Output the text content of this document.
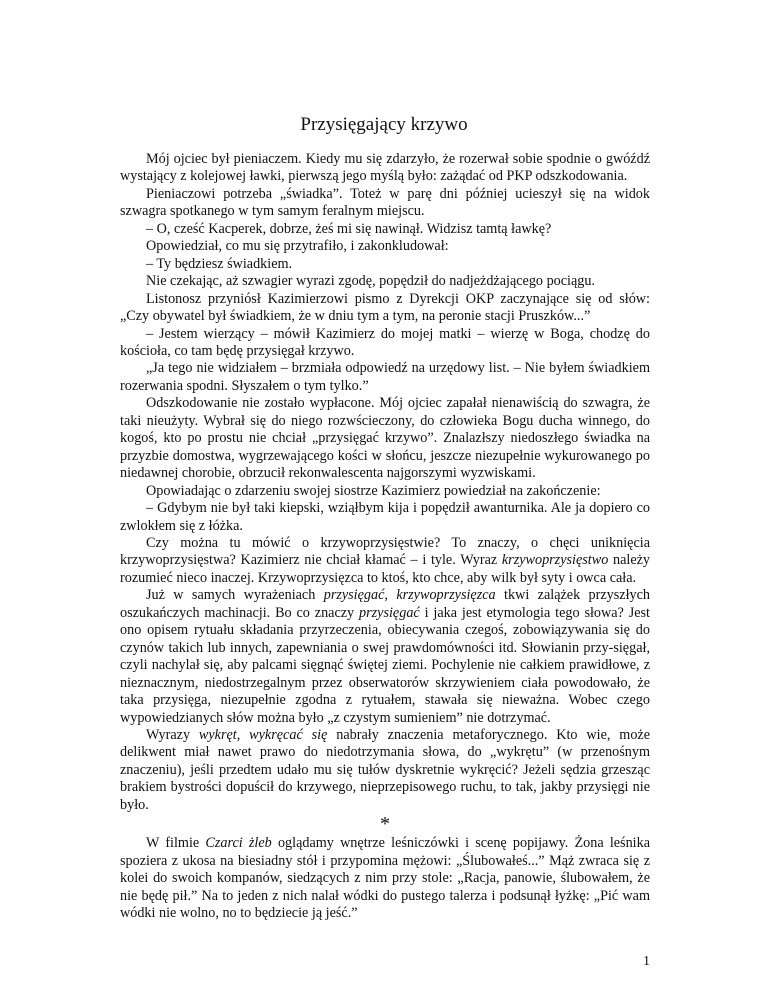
Przysięgający krzywo

Mój ojciec był pieniaczem. Kiedy mu się zdarzyło, że rozerwał sobie spodnie o gwóźdź wystający z kolejowej ławki, pierwszą jego myślą było: zażądać od PKP odszkodowania.

Pieniaczowi potrzeba „świadka”. Toteż w parę dni później ucieszył się na widok szwagra spotkanego w tym samym feralnym miejscu.

– O, cześć Kacperek, dobrze, żeś mi się nawinął. Widzisz tamtą ławkę?

Opowiedział, co mu się przytrafiło, i zakonkludował:

– Ty będziesz świadkiem.

Nie czekając, aż szwagier wyrazi zgodę, popędził do nadjeżdżającego pociągu.

Listonosz przyniósł Kazimierzowi pismo z Dyrekcji OKP zaczynające się od słów: „Czy obywatel był świadkiem, że w dniu tym a tym, na peronie stacji Pruszków...”

– Jestem wierzący – mówił Kazimierz do mojej matki – wierzę w Boga, chodzę do kościoła, co tam będę przysięgał krzywo.

„Ja tego nie widziałem – brzmiała odpowiedź na urzędowy list. – Nie byłem świadkiem rozerwania spodni. Słyszałem o tym tylko.”

Odszkodowanie nie zostało wypłacone. Mój ojciec zapałał nienawiścią do szwagra, że taki nieużyty. Wybrał się do niego rozwścieczony, do człowieka Bogu ducha winnego, do kogoś, kto po prostu nie chciał „przysięgać krzywo”. Znalazłszy niedoszłego świadka na przyzbie domostwa, wygrzewającego kości w słońcu, jeszcze niezupełnie wykurowanego po niedawnej chorobie, obrzucił rekonwalescenta najgorszymi wyzwiskami.

Opowiadając o zdarzeniu swojej siostrze Kazimierz powiedział na zakończenie:

– Gdybym nie był taki kiepski, wziąłbym kija i popędził awanturnika. Ale ja dopiero co zwlokłem się z łóżka.

Czy można tu mówić o krzywoprzysięstwie? To znaczy, o chęci uniknięcia krzywoprzysięstwa? Kazimierz nie chciał kłamać – i tyle. Wyraz krzywoprzysięstwo należy rozumieć nieco inaczej. Krzywoprzysięzca to ktoś, kto chce, aby wilk był syty i owca cała.

Już w samych wyrażeniach przysięgać, krzywoprzysięzca tkwi zalążek przyszłych oszukańczych machinacji. Bo co znaczy przysięgać i jaka jest etymologia tego słowa? Jest ono opisem rytuału składania przyrzeczenia, obiecywania czegoś, zobowiązywania się do czynów takich lub innych, zapewniania o swej prawdomówności itd. Słowianin przy-sięgał, czyli nachylał się, aby palcami sięgnąć świętej ziemi. Pochylenie nie całkiem prawidłowe, z nieznacznym, niedostrzegalnym przez obserwatorów skrzywieniem ciała powodowało, że taka przysięga, niezupełnie zgodna z rytuałem, stawała się nieważna. Wobec czego wypowiedzianych słów można było „z czystym sumieniem” nie dotrzymać.

Wyrazy wykręt, wykręcać się nabrały znaczenia metaforycznego. Kto wie, może delikwent miał nawet prawo do niedotrzymania słowa, do „wykrętu” (w przenośnym znaczeniu), jeśli przedtem udało mu się tułów dyskretnie wykręcić? Jeżeli sędzia grzesząc brakiem bystrości dopuścił do krzywego, nieprzepisowego ruchu, to tak, jakby przysięgi nie było.

*

W filmie Czarci żleb oglądamy wnętrze leśniczówki i scenę popijawy. Żona leśnika spoziera z ukosa na biesiadny stół i przypomina mężowi: „Ślubowałeś...” Mąż zwraca się z kolei do swoich kompanów, siedzących z nim przy stole: „Racja, panowie, ślubowałem, że nie będę pił.” Na to jeden z nich nalał wódki do pustego talerza i podsunął łyżkę: „Pić wam wódki nie wolno, no to będziecie ją jeść.”

1
